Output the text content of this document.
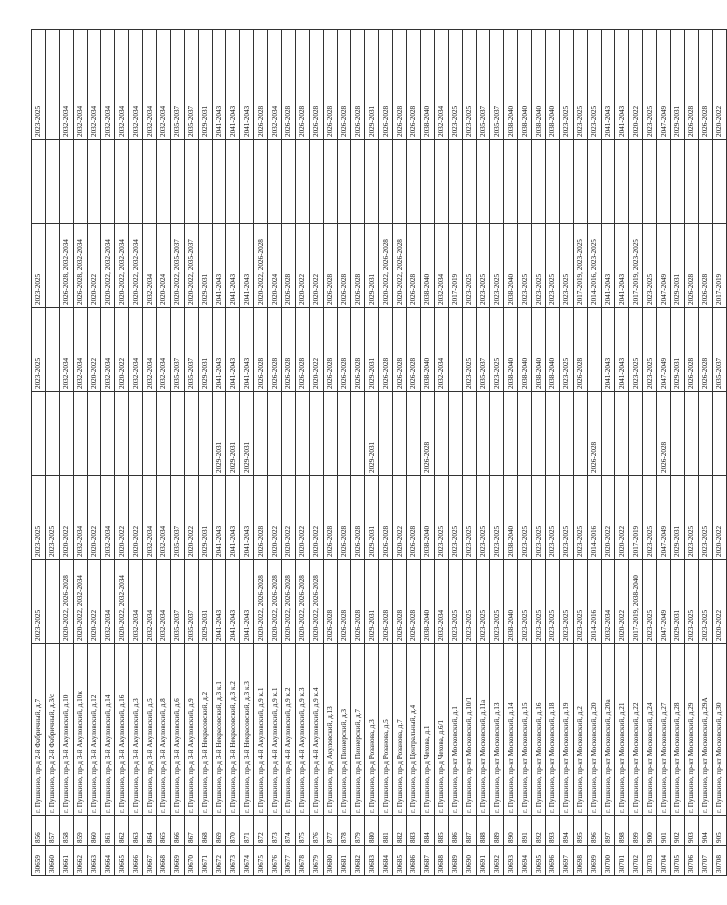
30659	856	г. Пушкино, пр-д 2-й Фабричный, д.7	2023-2025	2023-2025		2023-2025	2023-2025		2023-2025
30660	857	г. Пушкино, пр-д 2-й Фабричный, д.3/с		2023-2025					
30661	858	г. Пушкино, пр-д 3-й Акуловский, д.10	2020-2022, 2026-2028	2020-2022		2032-2034	2026-2028, 2032-2034		2032-2034
30662	859	г. Пушкино, пр-д 3-й Акуловский, д.10к	2020-2022, 2032-2034	2032-2034		2032-2034	2026-2028, 2032-2034		2032-2034
30663	860	г. Пушкино, пр-д 3-й Акуловский, д.12	2020-2022	2020-2022		2020-2022	2020-2022		2032-2034
30664	861	г. Пушкино, пр-д 3-й Акуловский, д.14	2032-2034	2032-2034		2032-2034	2020-2022, 2032-2034		2032-2034
30665	862	г. Пушкино, пр-д 3-й Акуловский, д.16	2020-2022, 2032-2034	2020-2022		2020-2022	2020-2022, 2032-2034		2032-2034
30666	863	г. Пушкино, пр-д 3-й Акуловский, д.3	2032-2034	2020-2022		2032-2034	2020-2022, 2032-2034		2032-2034
30667	864	г. Пушкино, пр-д 3-й Акуловский, д.5	2032-2034	2032-2034		2032-2034	2032-2034		2032-2034
30668	865	г. Пушкино, пр-д 3-й Акуловский, д.8	2032-2034	2032-2034		2032-2034	2020-2024		2032-2034
30669	866	г. Пушкино, пр-д 3-й Акуловский, д.6	2035-2037	2035-2037		2035-2037	2020-2022, 2035-2037		2035-2037
30670	867	г. Пушкино, пр-д 3-й Акуловский, д.9	2035-2037	2020-2022		2035-2037	2020-2022, 2035-2037		2035-2037
30671	868	г. Пушкино, пр-д 3-й Некрасовский, д.2	2029-2031	2029-2031		2029-2031	2029-2031		2029-2031
30672	869	г. Пушкино, пр-д 3-й Некрасовский, д.3 к.1	2041-2043	2041-2043	2029-2031	2041-2043	2041-2043		2041-2043
30673	870	г. Пушкино, пр-д 3-й Некрасовский, д.3 к.2	2041-2043	2041-2043	2029-2031	2041-2043	2041-2043		2041-2043
30674	871	г. Пушкино, пр-д 3-й Некрасовский, д.3 к.3	2041-2043	2041-2043	2029-2031	2041-2043	2041-2043		2041-2043
30675	872	г. Пушкино, пр-д 4-й Акуловский, д.9 к.1	2020-2022, 2026-2028	2026-2028		2026-2028	2020-2022, 2026-2028		2026-2028
30676	873	г. Пушкино, пр-д 4-й Акуловский, д.9 к.1	2020-2022, 2026-2028	2020-2022		2026-2028	2020-2024		2032-2034
30677	874	г. Пушкино, пр-д 4-й Акуловский, д.9 к.2	2020-2022, 2026-2028	2020-2022		2026-2028	2026-2028		2026-2028
30678	875	г. Пушкино, пр-д 4-й Акуловский, д.9 к.3	2020-2022, 2026-2028	2020-2022		2026-2028	2020-2022		2026-2028
30679	876	г. Пушкино, пр-д 4-й Акуловский, д.9 к.4	2020-2022, 2026-2028	2020-2022		2020-2022	2020-2022		2026-2028
30680	877	г. Пушкино, пр-д Акуловский, д.13	2026-2028	2026-2028		2026-2028	2026-2028		2026-2028
30681	878	г. Пушкино, пр-д Пионерский, д.3	2026-2028	2026-2028		2026-2028	2026-2028		2026-2028
30682	879	г. Пушкино, пр-д Пионерский, д.7	2026-2028	2026-2028		2026-2028	2026-2028		2026-2028
30683	880	г. Пушкино, пр-д Розанова, д.3	2029-2031	2029-2031	2029-2031	2029-2031	2029-2031		2029-2031
30684	881	г. Пушкино, пр-д Розанова, д.5	2026-2028	2026-2028		2026-2028	2020-2022, 2026-2028		2026-2028
30685	882	г. Пушкино, пр-д Розанова, д.7	2026-2028	2020-2022		2026-2028	2020-2022, 2026-2028		2026-2028
30686	883	г. Пушкино, пр-д Центральный, д.4	2026-2028	2026-2028		2026-2028	2026-2028		2026-2028
30687	884	г. Пушкино, пр-д Чехова, д.1	2038-2040	2038-2040	2026-2028	2038-2040	2038-2040		2038-2040
30688	885	г. Пушкино, пр-д Чехова, д.6/1	2032-2034	2023-2025		2032-2034	2032-2034		2032-2034
30689	886	г. Пушкино, пр-кт Московский, д.1	2023-2025	2023-2025			2017-2019		2023-2025
30690	887	г. Пушкино, пр-кт Московский, д.10/1	2023-2025	2023-2025		2023-2025	2023-2025		2023-2025
30691	888	г. Пушкино, пр-кт Московский, д.11а	2023-2025	2023-2025		2035-2037	2023-2025		2035-2037
30692	889	г. Пушкино, пр-кт Московский, д.13	2023-2025	2023-2025		2023-2025	2023-2025		2035-2037
30693	890	г. Пушкино, пр-кт Московский, д.14	2038-2040	2038-2040		2038-2040	2038-2040		2038-2040
30694	891	г. Пушкино, пр-кт Московский, д.15	2023-2025	2023-2025		2038-2040	2023-2025		2038-2040
30695	892	г. Пушкино, пр-кт Московский, д.16	2023-2025	2023-2025		2038-2040	2023-2025		2038-2040
30696	893	г. Пушкино, пр-кт Московский, д.18	2023-2025	2023-2025		2038-2040	2023-2025		2038-2040
30697	894	г. Пушкино, пр-кт Московский, д.19	2023-2025	2023-2025		2023-2025	2023-2025		2023-2025
30698	895	г. Пушкино, пр-кт Московский, д.2	2023-2025	2023-2025		2026-2028	2017-2019, 2023-2025		2023-2025
30699	896	г. Пушкино, пр-кт Московский, д.20	2014-2016	2014-2016	2026-2028		2014-2016, 2023-2025		2023-2025
30700	897	г. Пушкино, пр-кт Московский, д.20а	2032-2034	2020-2022		2041-2043	2041-2043		2041-2043
30701	898	г. Пушкино, пр-кт Московский, д.21	2020-2022	2020-2022		2041-2043	2041-2043		2041-2043
30702	899	г. Пушкино, пр-кт Московский, д.22	2017-2019, 2038-2040	2017-2019		2023-2025	2017-2019, 2023-2025		2020-2022
30703	900	г. Пушкино, пр-кт Московский, д.24	2023-2025	2023-2025		2023-2025	2023-2025		2023-2025
30704	901	г. Пушкино, пр-кт Московский, д.27	2047-2049	2047-2049	2026-2028	2047-2049	2047-2049		2047-2049
30705	902	г. Пушкино, пр-кт Московский, д.28	2029-2031	2029-2031		2029-2031	2029-2031		2029-2031
30706	903	г. Пушкино, пр-кт Московский, д.29	2023-2025	2023-2025		2026-2028	2026-2028		2026-2028
30707	904	г. Пушкино, пр-кт Московский, д.29А	2023-2025	2023-2025		2026-2028	2026-2028		2026-2028
30708	905	г. Пушкино, пр-кт Московский, д.30	2020-2022	2020-2022		2035-2037	2017-2019		2020-2022
